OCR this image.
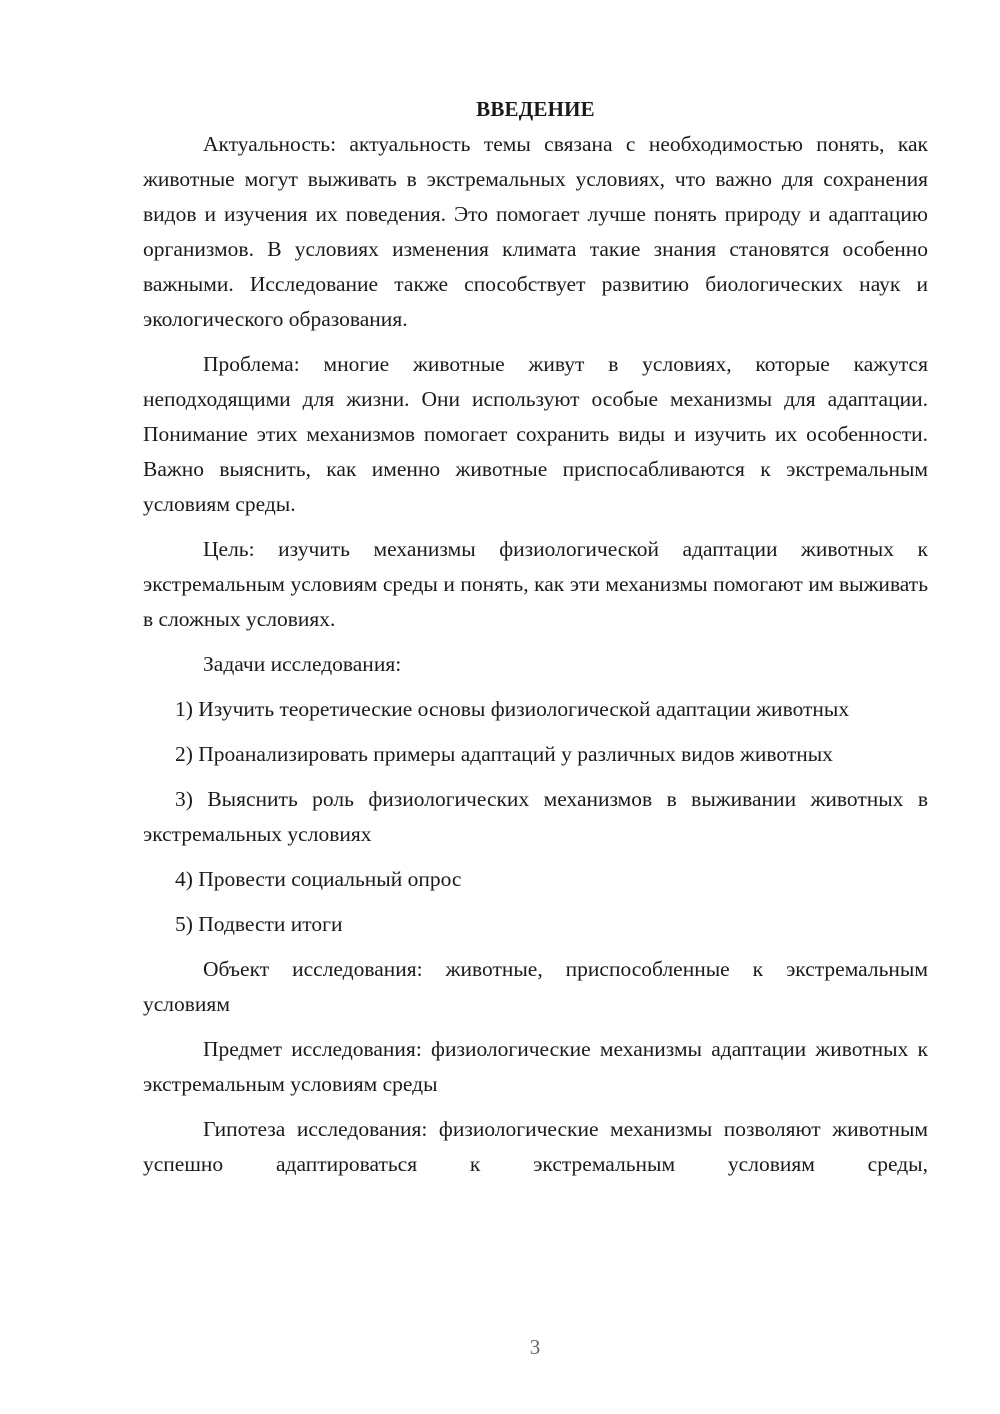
ВВЕДЕНИЕ

Актуальность: актуальность темы связана с необходимостью понять, как животные могут выживать в экстремальных условиях, что важно для сохранения видов и изучения их поведения. Это помогает лучше понять природу и адаптацию организмов. В условиях изменения климата такие знания становятся особенно важными. Исследование также способствует развитию биологических наук и экологического образования.

Проблема: многие животные живут в условиях, которые кажутся неподходящими для жизни. Они используют особые механизмы для адаптации. Понимание этих механизмов помогает сохранить виды и изучить их особенности. Важно выяснить, как именно животные приспосабливаются к экстремальным условиям среды.

Цель: изучить механизмы физиологической адаптации животных к экстремальным условиям среды и понять, как эти механизмы помогают им выживать в сложных условиях.

Задачи исследования:

1) Изучить теоретические основы физиологической адаптации животных

2) Проанализировать примеры адаптаций у различных видов животных

3) Выяснить роль физиологических механизмов в выживании животных в экстремальных условиях

4) Провести социальный опрос

5) Подвести итоги

Объект исследования: животные, приспособленные к экстремальным условиям

Предмет исследования: физиологические механизмы адаптации животных к экстремальным условиям среды

Гипотеза исследования: физиологические механизмы позволяют животным успешно адаптироваться к экстремальным условиям среды,

3
